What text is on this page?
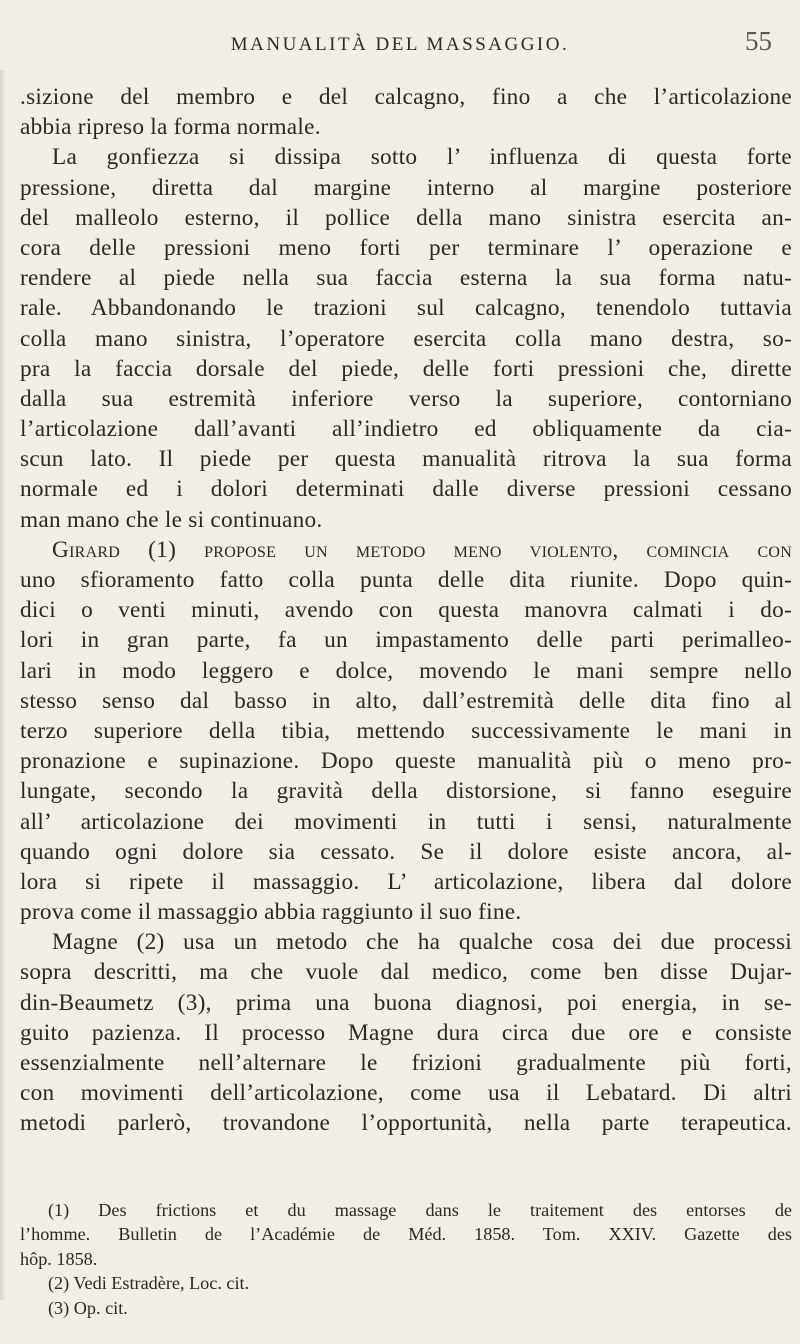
MANUALITÀ DEL MASSAGGIO.	55
.sizione del membro e del calcagno, fino a che l’articolazione
abbia ripreso la forma normale.
La gonfiezza si dissipa sotto l’ influenza di questa forte
pressione, diretta dal margine interno al margine posteriore
del malleolo esterno, il pollice della mano sinistra esercita an-
cora delle pressioni meno forti per terminare l’ operazione e
rendere al piede nella sua faccia esterna la sua forma natu-
rale. Abbandonando le trazioni sul calcagno, tenendolo tuttavia
colla mano sinistra, l’operatore esercita colla mano destra, so-
pra la faccia dorsale del piede, delle forti pressioni che, dirette
dalla sua estremità inferiore verso la superiore, contorniano
l’articolazione dall’avanti all’indietro ed obliquamente da cia-
scun lato. Il piede per questa manualità ritrova la sua forma
normale ed i dolori determinati dalle diverse pressioni cessano
man mano che le si continuano.
Girard (1) propose un metodo meno violento, comincia con
uno sfioramento fatto colla punta delle dita riunite. Dopo quin-
dici o venti minuti, avendo con questa manovra calmati i do-
lori in gran parte, fa un impastamento delle parti perimalleo-
lari in modo leggero e dolce, movendo le mani sempre nello
stesso senso dal basso in alto, dall’estremità delle dita fino al
terzo superiore della tibia, mettendo successivamente le mani in
pronazione e supinazione. Dopo queste manualità più o meno pro-
lungate, secondo la gravità della distorsione, si fanno eseguire
all’ articolazione dei movimenti in tutti i sensi, naturalmente
quando ogni dolore sia cessato. Se il dolore esiste ancora, al-
lora si ripete il massaggio. L’ articolazione, libera dal dolore
prova come il massaggio abbia raggiunto il suo fine.
Magne (2) usa un metodo che ha qualche cosa dei due processi
sopra descritti, ma che vuole dal medico, come ben disse Dujar-
din-Beaumetz (3), prima una buona diagnosi, poi energia, in se-
guito pazienza. Il processo Magne dura circa due ore e consiste
essenzialmente nell’alternare le frizioni gradualmente più forti,
con movimenti dell’articolazione, come usa il Lebatard. Di altri
metodi parlerò, trovandone l’opportunità, nella parte terapeutica.
(1) Des frictions et du massage dans le traitement des entorses de
l’homme. Bulletin de l’Académie de Méd. 1858. Tom. XXIV. Gazette des
hôp. 1858.
(2) Vedi Estradère, Loc. cit.
(3) Op. cit.
